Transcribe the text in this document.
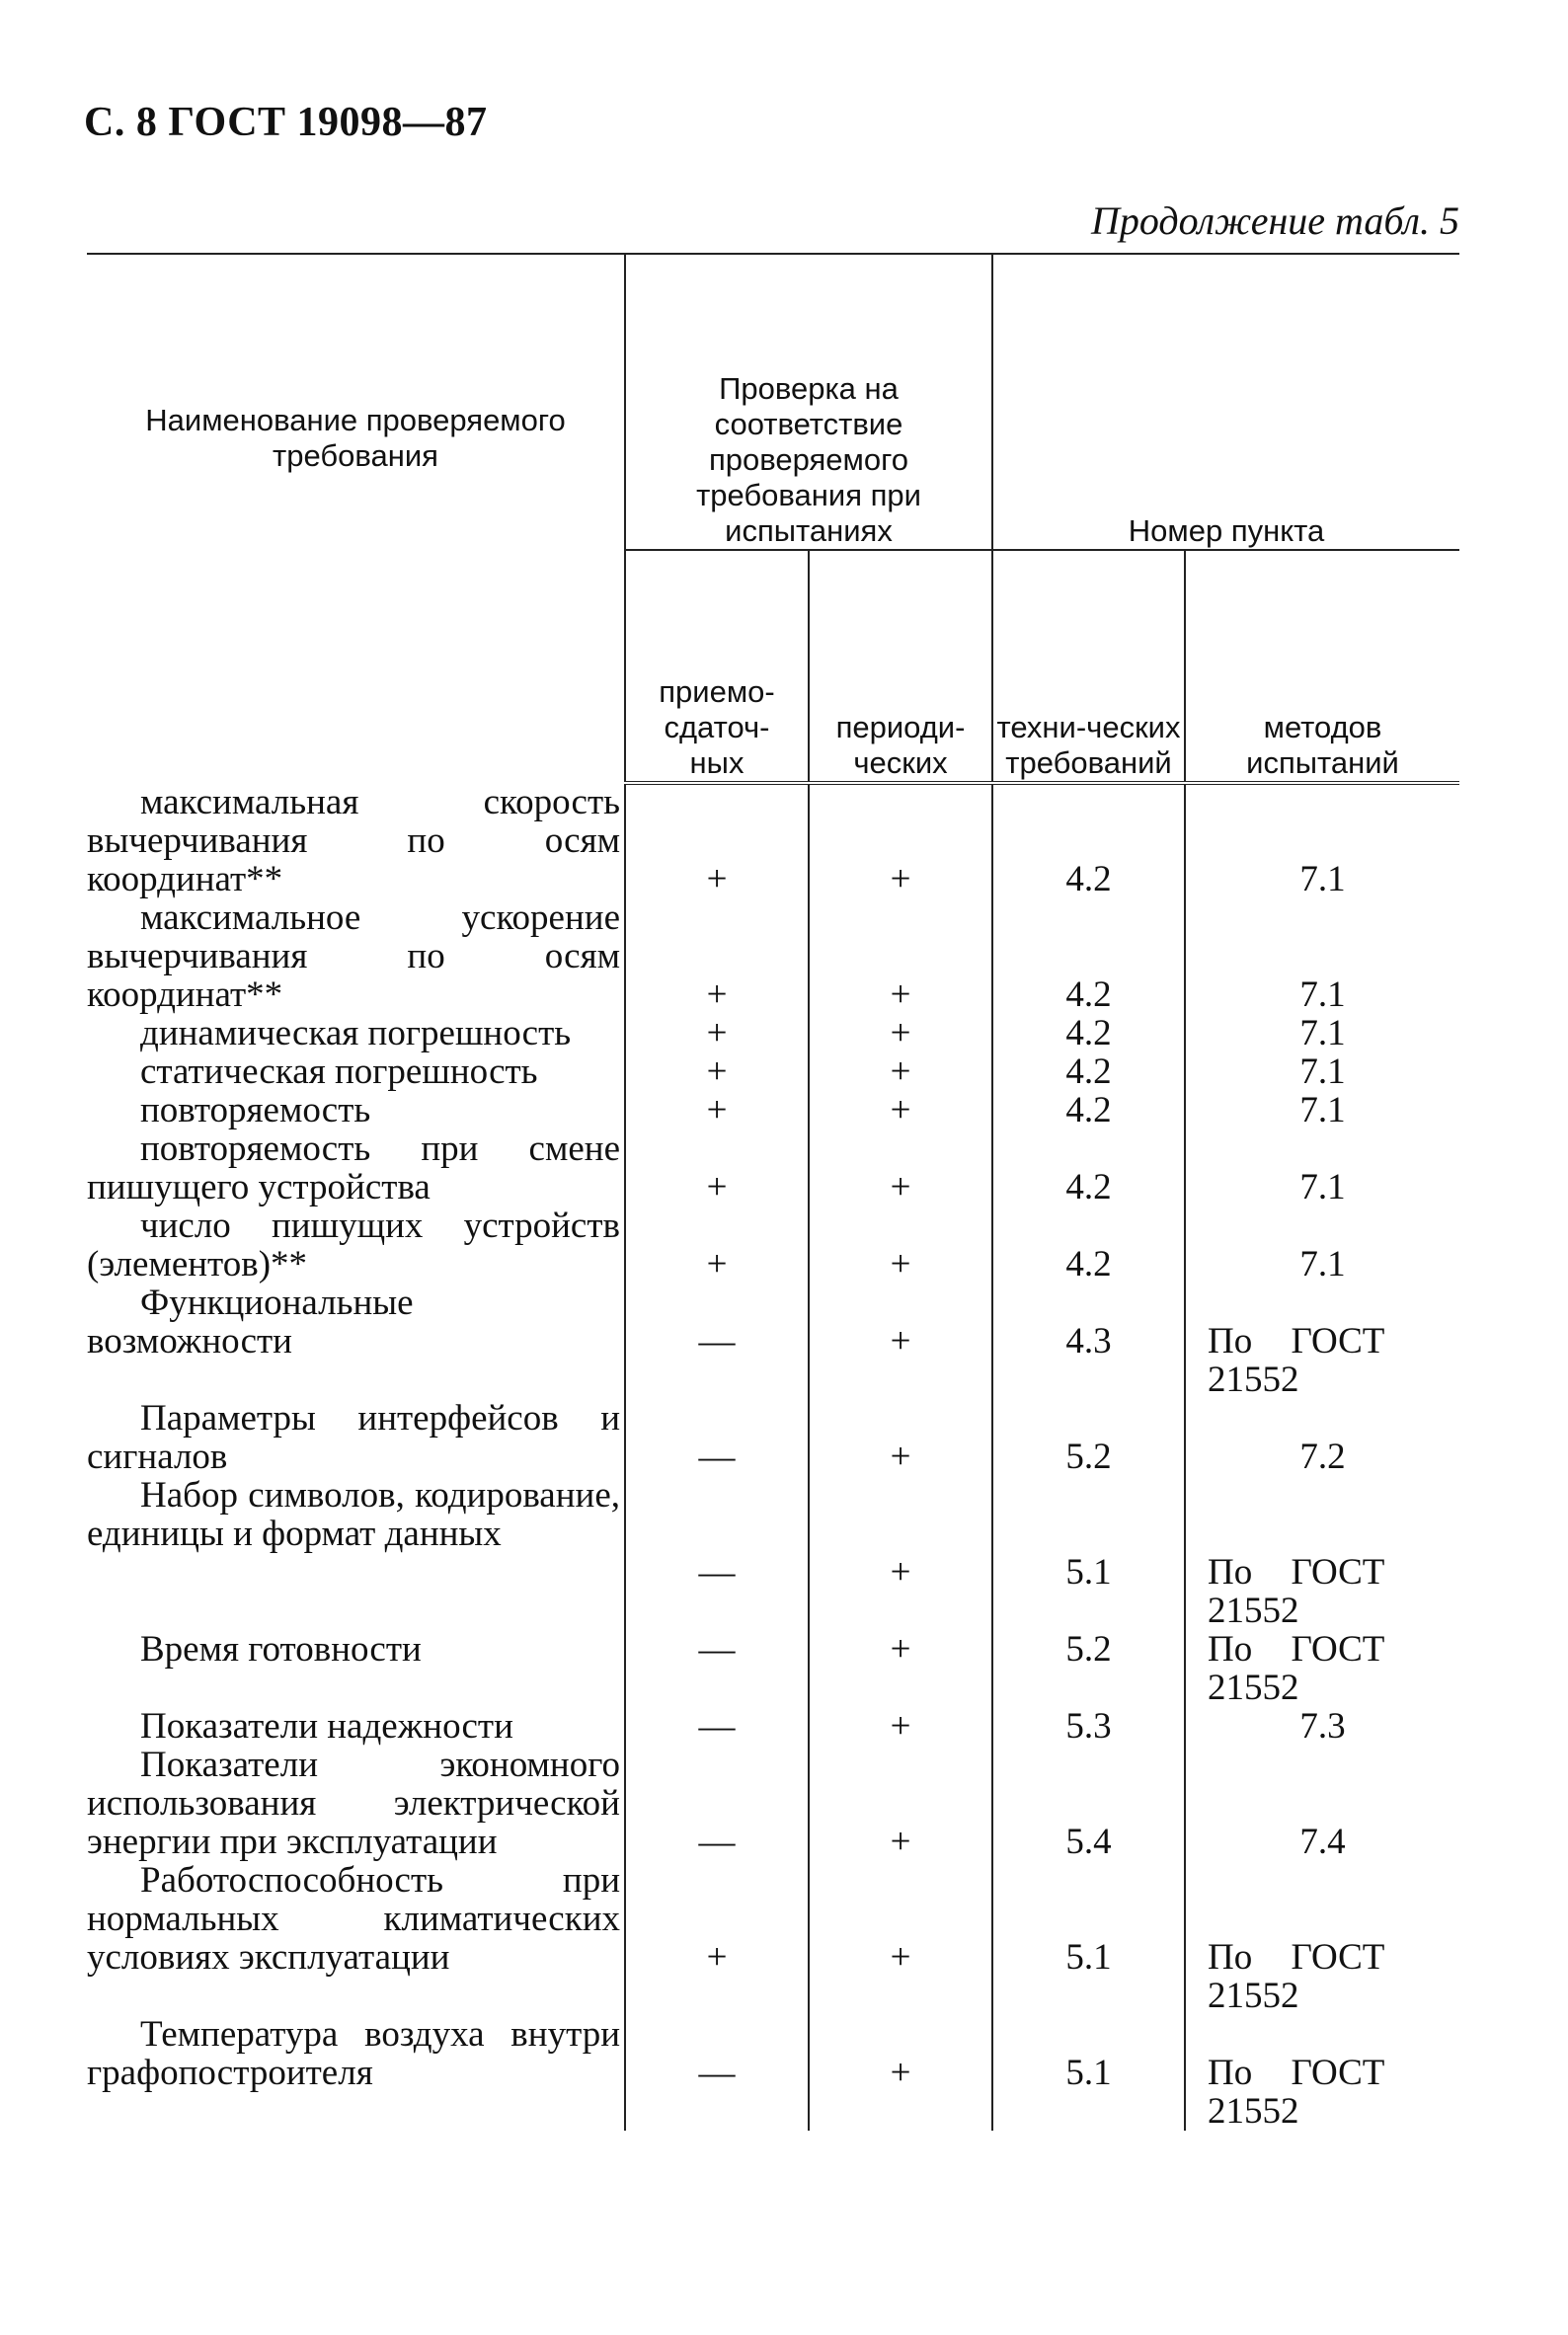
С. 8 ГОСТ 19098—87
Продолжение табл. 5
Наименование проверяемого требования	Проверка на соответствие проверяемого требования при испытаниях		Номер пункта	
	приемо-сдаточ-ных	периоди-ческих	техни-ческих требований	методов испытаний
максимальная скорость вычерчивания по осям координат**	+	+	4.2	7.1
максимальное ускорение вычерчивания по осям координат**	+	+	4.2	7.1
динамическая погрешность	+	+	4.2	7.1
статическая погрешность	+	+	4.2	7.1
повторяемость	+	+	4.2	7.1
повторяемость при смене пишущего устройства	+	+	4.2	7.1
число пишущих устройств (элементов)**	+	+	4.2	7.1
Функциональные возможности	—	+	4.3	По ГОСТ 21552

Параметры интерфейсов и сигналов	—	+	5.2	7.2
Набор символов, кодирование, единицы и формат данных	—	+	5.1	По ГОСТ 21552

Время готовности	—	+	5.2	По ГОСТ 21552

Показатели надежности	—	+	5.3	7.3
Показатели экономного использования электрической энергии при эксплуатации	—	+	5.4	7.4
Работоспособность при нормальных климатических условиях эксплуатации	+	+	5.1	По ГОСТ 21552

Температура воздуха внутри графопостроителя	—	+	5.1	По ГОСТ 21552
